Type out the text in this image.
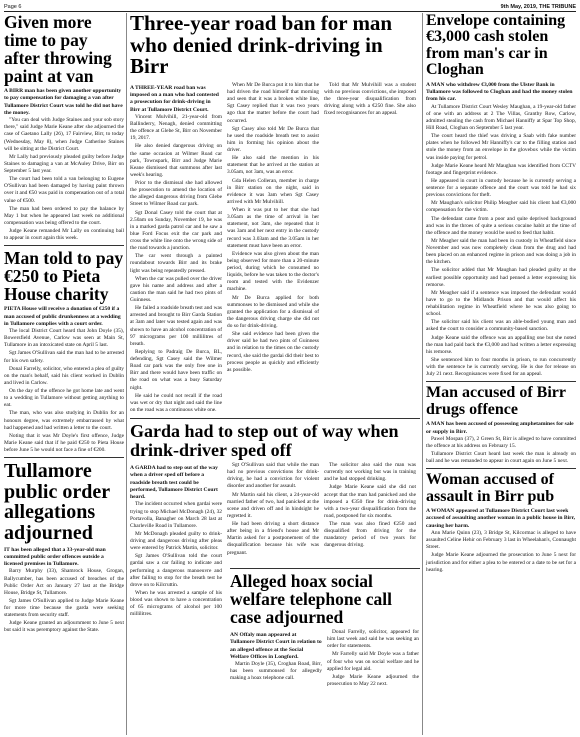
Page 6	9th May, 2019, THE TRIBUNE
Given more time to pay after throwing paint at van
A BIRR man has been given another opportunity to pay compensation for damaging a van after Tullamore District Court was told he did not have the money.

"You can deal with Judge Staines and your sob story there," said Judge Marie Keane after she adjourned the case of Gaetano Lally (26), 17 Fairview, Birr, to today (Wednesday, May 8), when Judge Catherine Staines will be sitting at the District Court.

Mr Lally had previously pleaded guilty before Judge Staines to damaging a van at McAuley Drive, Birr on September 5 last year.

The court had been told a van belonging to Eugene O'Sullivan had been damaged by having paint thrown over it and €50 was paid in compensation out of a total value of €500.

The man had been ordered to pay the balance by May 1 but when he appeared last week no additional compensation was being offered to the court.

Judge Keane remanded Mr Lally on continuing bail to appear in court again this week.

Man told to pay €250 to Pieta House charity
PIETA House will receive a donation of €250 if a man accused of public drunkenness at a wedding in Tullamore complies with a court order.

The local District Court heard that John Doyle (35), Bowersfield Avenue, Carlow was seen at Main St, Tullamore in an intoxicated state on April 5 last.

Sgt James O'Sullivan said the man had to be arrested for his own safety.

Donal Farrelly, solicitor, who entered a plea of guilty on the man's behalf, said his client worked in Dublin and lived in Carlow.

On the day of the offence he got home late and went to a wedding in Tullamore without getting anything to eat.

The man, who was also studying in Dublin for an honours degree, was extremely embarrassed by what had happened and had written a letter to the court.

Noting that it was Mr Doyle's first offence, Judge Marie Keane said that if he paid €250 to Pieta House before June 5 he would not face a fine of €200.

Tullamore public order allegations adjourned
IT has been alleged that a 33-year-old man committed public order offences outside a licensed premises in Tullamore.

Barry Murphy (33), Shamrock House, Grogan, Ballycumber, has been accused of breaches of the Public Order Act on January 27 last at the Bridge House, Bridge St, Tullamore.

Sgt James O'Sullivan applied to Judge Marie Keane for more time because the garda were seeking statements from security staff.

Judge Keane granted an adjournment to June 5 next but said it was peremptory against the State.

Three-year road ban for man who denied drink-driving in Birr
A THREE-YEAR road ban was imposed on a man who had contested a prosecution for drink-driving in Birr at Tullamore District Court.

Vincent Mulvihill, 21-year-old from Ballinderry, Nenagh, denied committing the offence at Glebe St, Birr on November 19, 2017.

He also denied dangerous driving on the same occasion at Wilmer Road car park, Townspark, Birr and Judge Marie Keane dismissed that summons after last week's hearing.

Prior to the dismissal she had allowed the prosecution to amend the location of the alleged dangerous driving from Glebe Street to Wilmer Road car park.

Sgt Donal Casey told the court that at 2.50am on Sunday, November 19, he was in a marked garda patrol car and he saw a blue Ford Focus exit the car park and cross the white line onto the wrong side of the road towards a junction.

The car went through a painted roundabout towards Birr and its brake light was being repeatedly pressed.

When the car was pulled over the driver gave his name and address and after a caution the man said he had two pints of Guinness.

He failed a roadside breath test and was arrested and brought to Birr Garda Station at 3am and later was tested again and was shown to have an alcohol concentration of 97 micrograms per 100 millilitres of breath.

Replying to Padraig De Burca, BL, defending, Sgt Casey said the Wilmer Road car park was the only free one in Birr and there would have been traffic on the road on what was a busy Saturday night.

He said he could not recall if the road was wet or dry that night and said the line on the road was a continuous white one.

When Mr De Burca put it to him that he had driven the road himself that morning and seen that it was a broken white line, Sgt Casey replied that it was two years ago that the matter before the court had occurred.

Sgt Casey also told Mr De Burca that he used the roadside breath test to assist him in forming his opinion about the driver.

He also said the mention in his statement that he arrived at the station at 3.05am, not 3am, was an error.

Gda Helen Colleran, member in charge in Birr station on the night, said in evidence it was 3am when Sgt Casey arrived with Mr Mulvihill.

When it was put to her that she had 3.05am as the time of arrival in her statement, not 3am, she repeated that it was 3am and her next entry in the custody record was 3.03am and the 3.05am in her statement must have been an error.

Evidence was also given about the man being observed for more than a 20-minute period, during which he consumed no liquids, before he was taken to the doctor's room and tested with the Evidenzer machine.

Mr De Burca applied for both summonses to be dismissed and while she granted the application for a dismissal of the dangerous driving charge she did not do so for drink-driving.

She said evidence had been given the driver said he had two pints of Guinness and in relation to the times on the custody record, she said the gardai did their best to process people as quickly and efficiently as possible.

Told that Mr Mulvihill was a student with no previous convictions, she imposed the three-year disqualification from driving along with a €250 fine. She also fixed recognisances for an appeal.

Garda had to step out of way when drink-driver sped off
A GARDA had to step out of the way when a driver sped off before a roadside breath test could be performed, Tullamore District Court heard.

The incident occurred when gardai were trying to stop Michael McDonagh (24), 32 Portavolla, Banagher on March 28 last at Charleville Road in Tullamore.

Mr McDonagh pleaded guilty to drink-driving and dangerous driving after pleas were entered by Patrick Martin, solicitor.

Sgt James O'Sullivan told the court gardai saw a car failing to indicate and performing a dangerous manoeuvre and after failing to stop for the breath test he drove on to Kilcruttin.

When he was arrested a sample of his blood was shown to have a concentration of 65 micrograms of alcohol per 100 millilitres.

Sgt O'Sullivan said that while the man had no previous convictions for drink-driving, he had a conviction for violent disorder and another for assault.

Mr Martin said his client, a 24-year-old married father of two, had panicked at the scene and driven off and in hindsight he regretted it.

He had been driving a short distance after being in a friend's house and Mr Martin asked for a postponement of the disqualification because his wife was pregnant.

The solicitor also said the man was currently not working but was in training and he had stopped drinking.

Judge Marie Keane said she did not accept that the man had panicked and she imposed a €350 fine for drink-driving with a two-year disqualification from the road, postponed for six months.

The man was also fined €250 and disqualified from driving for the mandatory period of two years for dangerous driving.

Alleged hoax social welfare telephone call case adjourned
AN Offaly man appeared at Tullamore District Court in relation to an alleged offence at the Social Welfare Offices in Longford.

Martin Doyle (35), Croghan Road, Birr, has been summonsed for allegedly making a hoax telephone call.

Donal Farrelly, solicitor, appeared for him last week and said he was seeking an order for statements.

Mr Farrelly said Mr Doyle was a father of four who was on social welfare and he applied for legal aid.

Judge Marie Keane adjourned the prosecution to May 22 next.

Envelope containing €3,000 cash stolen from man's car in Cloghan
A MAN who withdrew €3,000 from the Ulster Bank in Tullamore was followed to Cloghan and had the money stolen from his car.

At Tullamore District Court Wesley Maughan, a 19-year-old father of one with an address at 2 The Villas, Grantby Row, Carlow, admitted stealing the cash from Michael Hanniffy at Spar Top Shop, Hill Road, Cloghan on September 5 last year.

The court heard the thief was driving a Saab with fake number plates when he followed Mr Hanniffy's car to the filling station and stole the money from an envelope in the glovebox while the victim was inside paying for petrol.

Judge Marie Keane heard Mr Maughan was identified from CCTV footage and fingerprint evidence.

He appeared in court in custody because he is currently serving a sentence for a separate offence and the court was told he had six previous convictions for theft.

Mr Maughan's solicitor Philip Meagher said his client had €3,000 compensation for the victim.

The defendant came from a poor and quite deprived background and was in the throes of quite a serious cocaine habit at the time of the offence and the money would be used to feed that habit.

Mr Meagher said the man had been in custody in Wheatfield since November and was now completely clean from the drug and had been placed on an enhanced regime in prison and was doing a job in the kitchen.

The solicitor added that Mr Maughan had pleaded guilty at the earliest possible opportunity and had penned a letter expressing his remorse.

Mr Meagher said if a sentence was imposed the defendant would have to go to the Midlands Prison and that would affect his rehabilitation regime in Wheatfield where he was also going to school.

The solicitor said his client was an able-bodied young man and asked the court to consider a community-based sanction.

Judge Keane said the offence was an appalling one but she noted the man had paid back the €3,000 and had written a letter expressing his remorse.

She sentenced him to four months in prison, to run concurrently with the sentence he is currently serving. He is due for release on July 21 next. Recognisances were fixed for an appeal.

Man accused of Birr drugs offence
A MAN has been accused of possessing amphetamines for sale or supply in Birr.

Pawel Mospan (37), 2 Green St, Birr is alleged to have committed the offence at his address on February 15.

Tullamore District Court heard last week the man is already on bail and he was remanded to appear in court again on June 5 next.

Woman accused of assault in Birr pub
A WOMAN appeared at Tullamore District Court last week accused of assaulting another woman in a public house in Birr, causing her harm.

Ann Marie Quinn (23), 3 Bridge St, Kilcormac is alleged to have assaulted Celine Hehir on February 3 last in Wheelahan's, Connaught Street.

Judge Marie Keane adjourned the prosecution to June 5 next for jurisdiction and for either a plea to be entered or a date to be set for a hearing.
